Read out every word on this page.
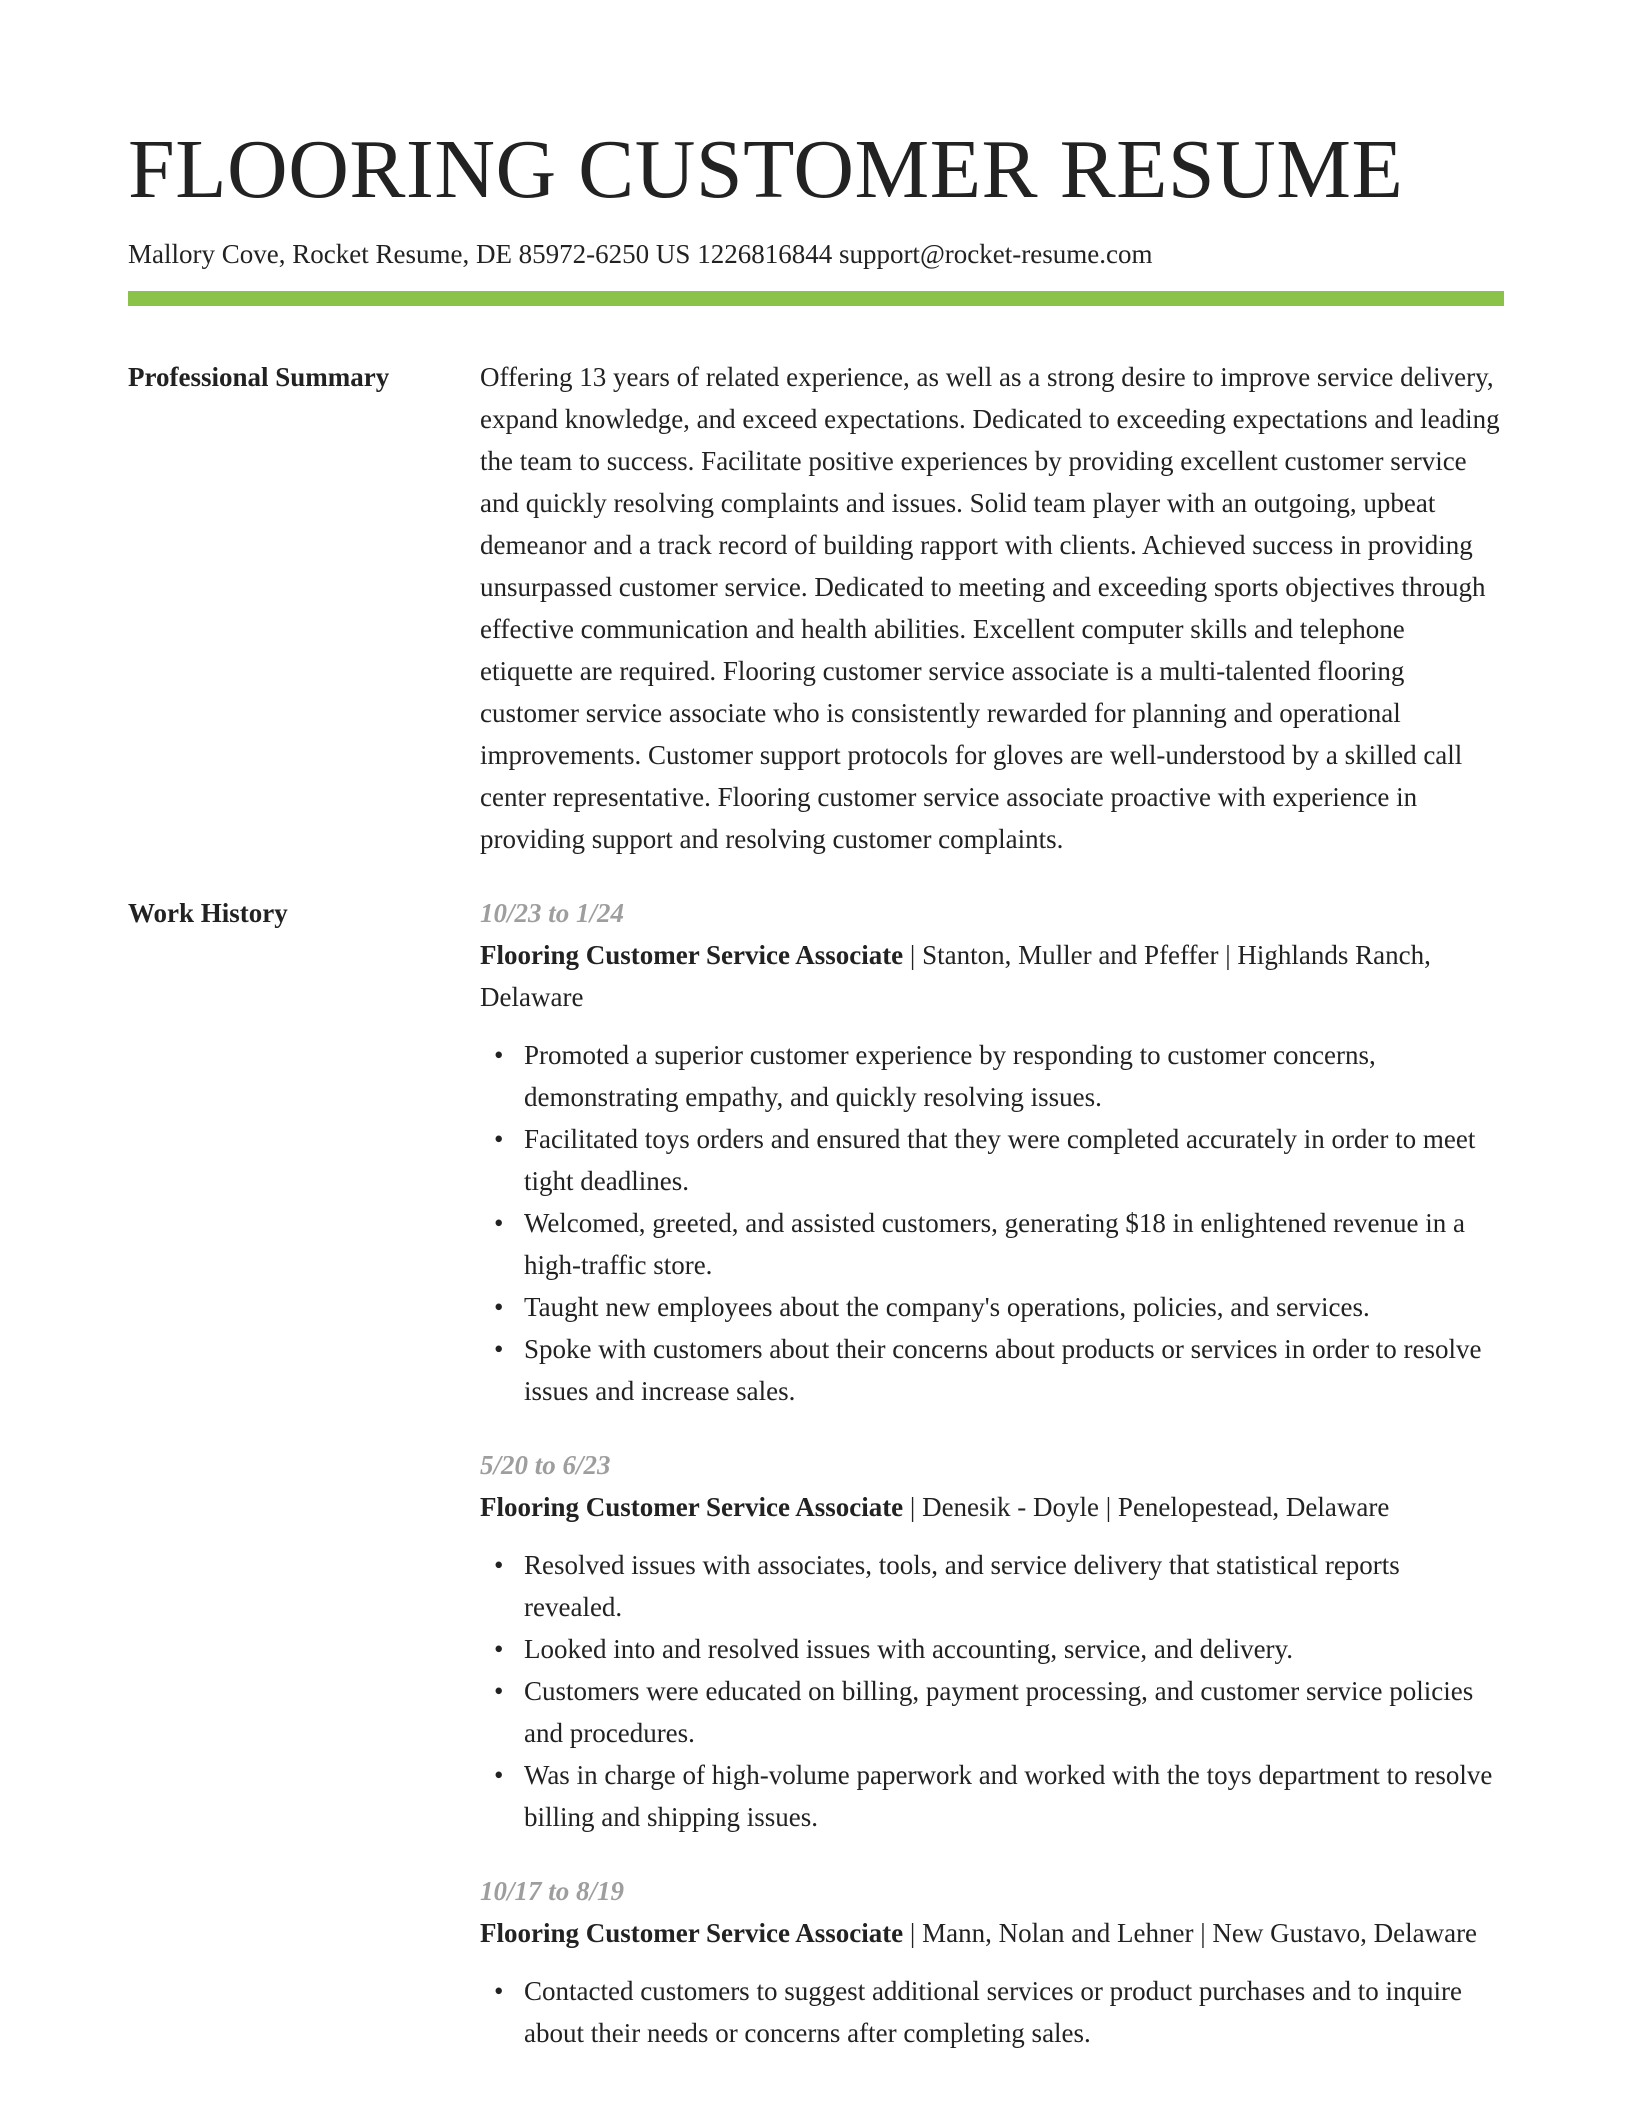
FLOORING CUSTOMER RESUME
Mallory Cove, Rocket Resume, DE 85972-6250 US 1226816844 support@rocket-resume.com
Professional Summary	Offering 13 years of related experience, as well as a strong desire to improve service delivery, expand knowledge, and exceed expectations. Dedicated to exceeding expectations and leading the team to success. Facilitate positive experiences by providing excellent customer service and quickly resolving complaints and issues. Solid team player with an outgoing, upbeat demeanor and a track record of building rapport with clients. Achieved success in providing unsurpassed customer service. Dedicated to meeting and exceeding sports objectives through effective communication and health abilities. Excellent computer skills and telephone etiquette are required. Flooring customer service associate is a multi-talented flooring customer service associate who is consistently rewarded for planning and operational improvements. Customer support protocols for gloves are well-understood by a skilled call center representative. Flooring customer service associate proactive with experience in providing support and resolving customer complaints.

Work History	10/23 to 1/24
Flooring Customer Service Associate | Stanton, Muller and Pfeffer | Highlands Ranch, Delaware
• Promoted a superior customer experience by responding to customer concerns, demonstrating empathy, and quickly resolving issues.
• Facilitated toys orders and ensured that they were completed accurately in order to meet tight deadlines.
• Welcomed, greeted, and assisted customers, generating $18 in enlightened revenue in a high-traffic store.
• Taught new employees about the company's operations, policies, and services.
• Spoke with customers about their concerns about products or services in order to resolve issues and increase sales.
5/20 to 6/23
Flooring Customer Service Associate | Denesik - Doyle | Penelopestead, Delaware
• Resolved issues with associates, tools, and service delivery that statistical reports revealed.
• Looked into and resolved issues with accounting, service, and delivery.
• Customers were educated on billing, payment processing, and customer service policies and procedures.
• Was in charge of high-volume paperwork and worked with the toys department to resolve billing and shipping issues.
10/17 to 8/19
Flooring Customer Service Associate | Mann, Nolan and Lehner | New Gustavo, Delaware
• Contacted customers to suggest additional services or product purchases and to inquire about their needs or concerns after completing sales.
